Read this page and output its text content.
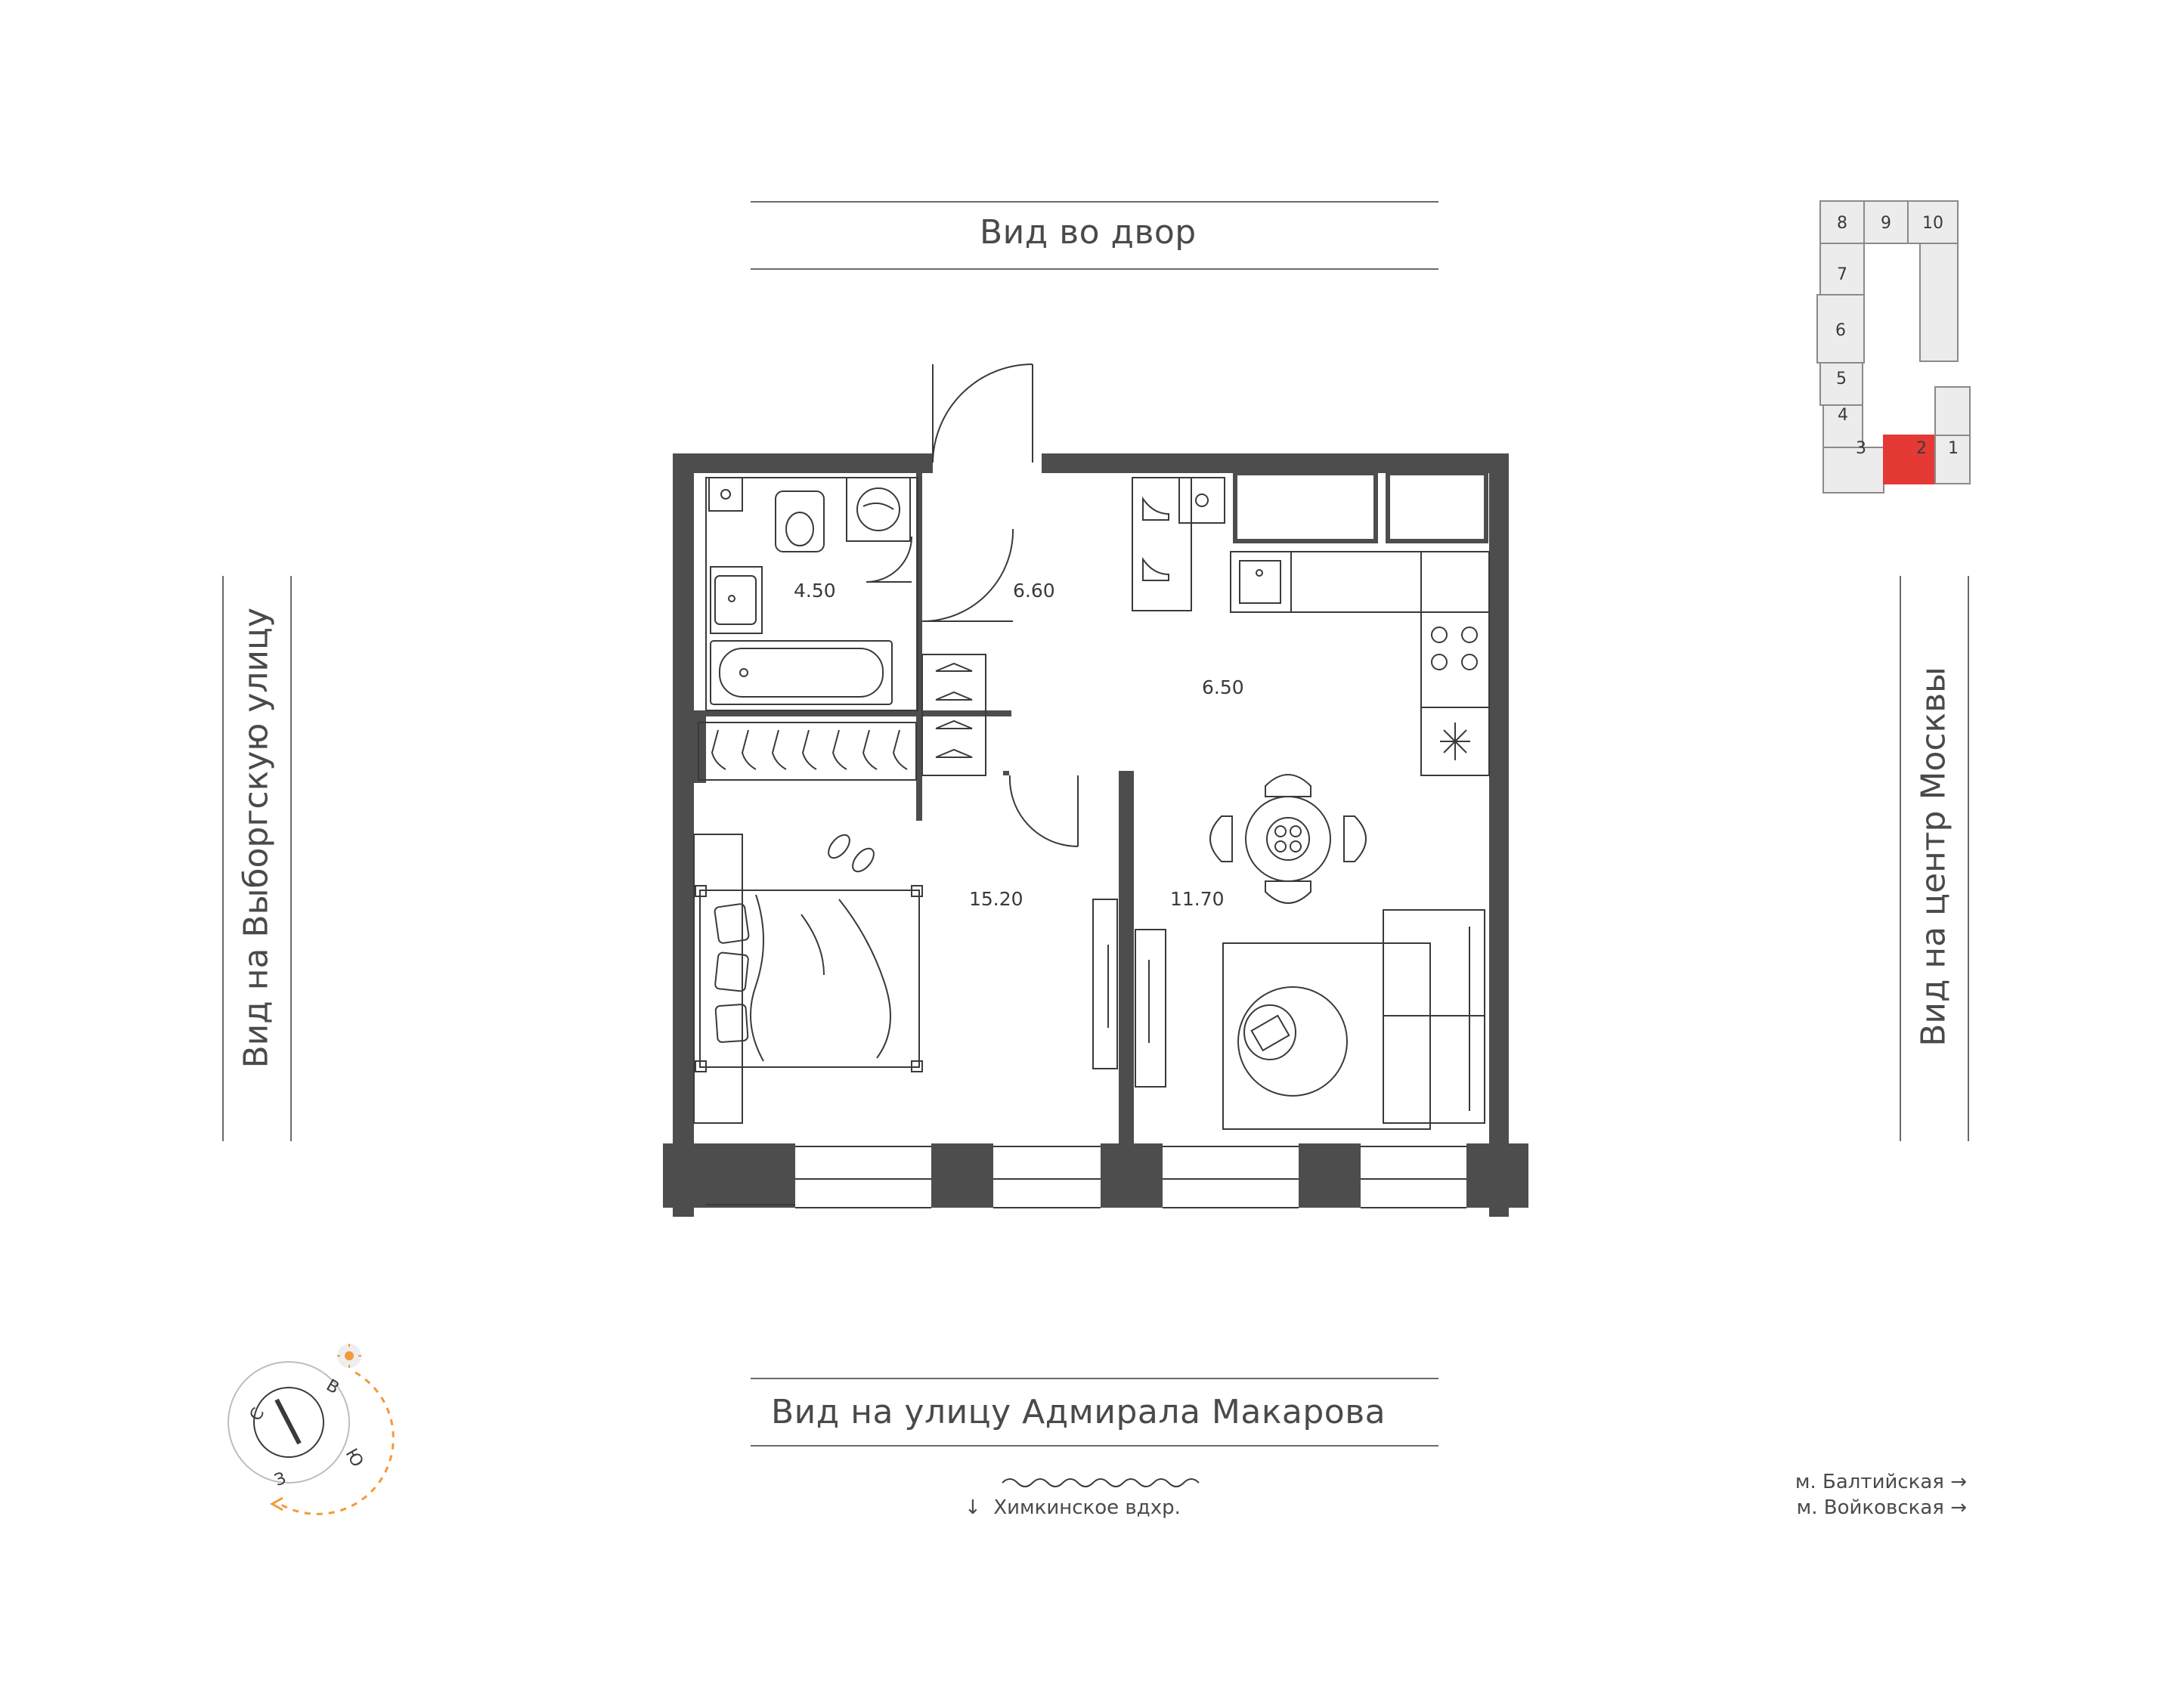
Вид во двор
Вид на улицу Адмирала Макарова
Вид на Выборгскую улицу	Вид на центр Москвы
↓  Химкинское вдхр.
м. Балтийская →
м. Войковская →
4.50	6.60
6.50
15.20	11.70
8 9 10
7
6
5
4
3	2 1
С
В
Ю
З
